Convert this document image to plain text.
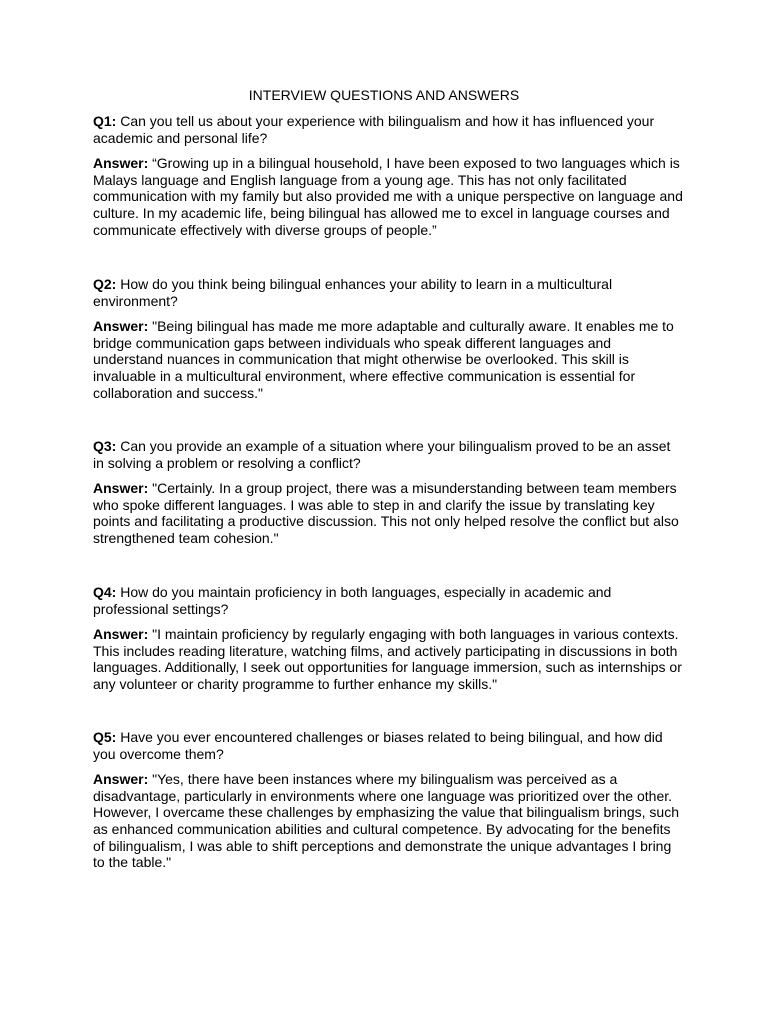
INTERVIEW QUESTIONS AND ANSWERS

Q1: Can you tell us about your experience with bilingualism and how it has influenced your academic and personal life?

Answer: “Growing up in a bilingual household, I have been exposed to two languages which is Malays language and English language from a young age. This has not only facilitated communication with my family but also provided me with a unique perspective on language and culture. In my academic life, being bilingual has allowed me to excel in language courses and communicate effectively with diverse groups of people.”

Q2: How do you think being bilingual enhances your ability to learn in a multicultural environment?

Answer: "Being bilingual has made me more adaptable and culturally aware. It enables me to bridge communication gaps between individuals who speak different languages and understand nuances in communication that might otherwise be overlooked. This skill is invaluable in a multicultural environment, where effective communication is essential for collaboration and success."

Q3: Can you provide an example of a situation where your bilingualism proved to be an asset in solving a problem or resolving a conflict?

Answer: "Certainly. In a group project, there was a misunderstanding between team members who spoke different languages. I was able to step in and clarify the issue by translating key points and facilitating a productive discussion. This not only helped resolve the conflict but also strengthened team cohesion."

Q4: How do you maintain proficiency in both languages, especially in academic and professional settings?

Answer: "I maintain proficiency by regularly engaging with both languages in various contexts. This includes reading literature, watching films, and actively participating in discussions in both languages. Additionally, I seek out opportunities for language immersion, such as internships or any volunteer or charity programme to further enhance my skills."

Q5: Have you ever encountered challenges or biases related to being bilingual, and how did you overcome them?

Answer: "Yes, there have been instances where my bilingualism was perceived as a disadvantage, particularly in environments where one language was prioritized over the other. However, I overcame these challenges by emphasizing the value that bilingualism brings, such as enhanced communication abilities and cultural competence. By advocating for the benefits of bilingualism, I was able to shift perceptions and demonstrate the unique advantages I bring to the table."
